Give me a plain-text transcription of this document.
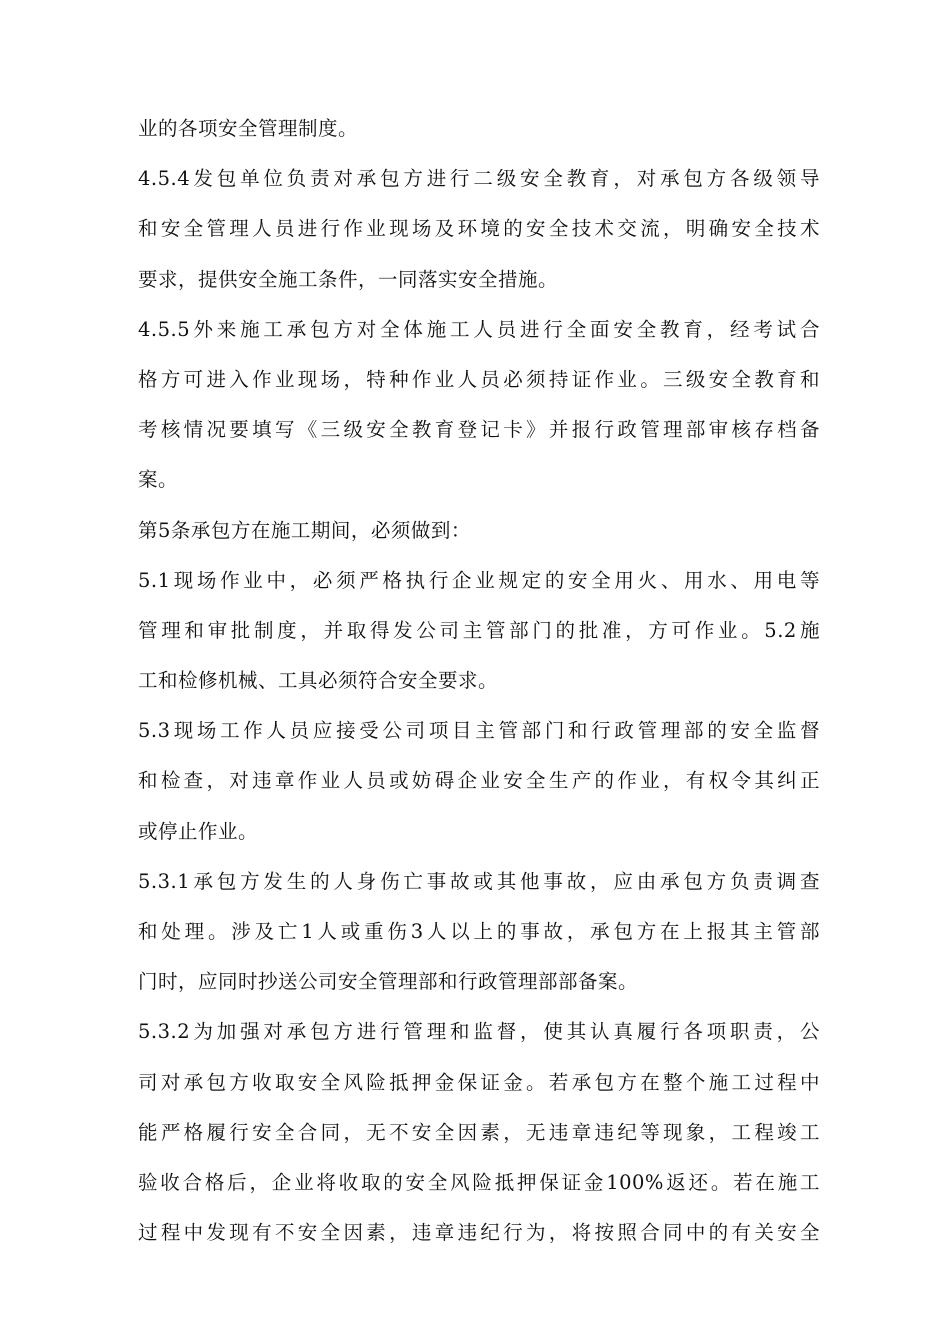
业的各项安全管理制度。
4.5.4发包单位负责对承包方进行二级安全教育，对承包方各级领导
和安全管理人员进行作业现场及环境的安全技术交流，明确安全技术
要求，提供安全施工条件，一同落实安全措施。
4.5.5外来施工承包方对全体施工人员进行全面安全教育，经考试合
格方可进入作业现场，特种作业人员必须持证作业。三级安全教育和
考核情况要填写《三级安全教育登记卡》并报行政管理部审核存档备
案。
第5条承包方在施工期间，必须做到：
5.1现场作业中，必须严格执行企业规定的安全用火、用水、用电等
管理和审批制度，并取得发公司主管部门的批准，方可作业。5.2施
工和检修机械、工具必须符合安全要求。
5.3现场工作人员应接受公司项目主管部门和行政管理部的安全监督
和检查，对违章作业人员或妨碍企业安全生产的作业，有权令其纠正
或停止作业。
5.3.1承包方发生的人身伤亡事故或其他事故，应由承包方负责调查
和处理。涉及亡1人或重伤3人以上的事故，承包方在上报其主管部
门时，应同时抄送公司安全管理部和行政管理部部备案。
5.3.2为加强对承包方进行管理和监督，使其认真履行各项职责，公
司对承包方收取安全风险抵押金保证金。若承包方在整个施工过程中
能严格履行安全合同，无不安全因素，无违章违纪等现象，工程竣工
验收合格后，企业将收取的安全风险抵押保证金100%返还。若在施工
过程中发现有不安全因素，违章违纪行为，将按照合同中的有关安全
